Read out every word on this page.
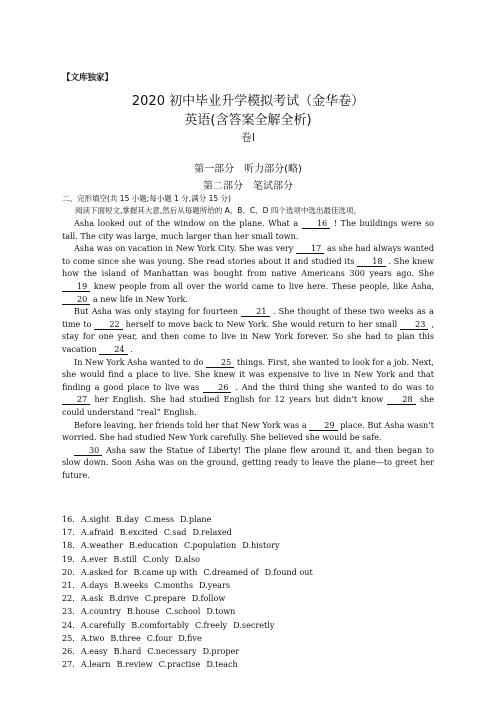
【文库独家】
2020 初中毕业升学模拟考试（金华卷）
英语(含答案全解全析)
卷Ⅰ
第一部分　听力部分(略)
第二部分　笔试部分
二、完形填空(共 15 小题;每小题 1 分,满分 15 分)
阅读下面短文,掌握其大意,然后从每题所给的 A、B、C、D 四个选项中选出最佳选项。

Asha looked out of the window on the plane. What a 16 ! The buildings were so tall. The city was large, much larger than her small town.

Asha was on vacation in New York City. She was very 17 as she had always wanted to come since she was young. She read stories about it and studied its 18 . She knew how the island of Manhattan was bought from native Americans 300 years ago. She 19 knew people from all over the world came to live here. These people, like Asha, 20 a new life in New York.

But Asha was only staying for fourteen 21 . She thought of these two weeks as a time to 22 herself to move back to New York. She would return to her small 23 , stay for one year, and then come to live in New York forever. So she had to plan this vacation 24 .

In New York Asha wanted to do 25 things. First, she wanted to look for a job. Next, she would find a place to live. She knew it was expensive to live in New York and that finding a good place to live was 26 . And the third thing she wanted to do was to 27 her English. She had studied English for 12 years but didn’t know 28 she could understand “real” English.

Before leaving, her friends told her that New York was a 29 place. But Asha wasn’t worried. She had studied New York carefully. She believed she would be safe.

30 Asha saw the Statue of Liberty! The plane flew around it, and then began to slow down. Soon Asha was on the ground, getting ready to leave the plane—to greet her future.

16. A.sight B.day C.mess D.plane
17. A.afraid B.excited C.sad D.relaxed
18. A.weather B.education C.population D.history
19. A.ever B.still C.only D.also
20. A.asked for B.came up with C.dreamed of D.found out
21. A.days B.weeks C.months D.years
22. A.ask B.drive C.prepare D.follow
23. A.country B.house C.school D.town
24. A.carefully B.comfortably C.freely D.secretly
25. A.two B.three C.four D.five
26. A.easy B.hard C.necessary D.proper
27. A.learn B.review C.practise D.teach
